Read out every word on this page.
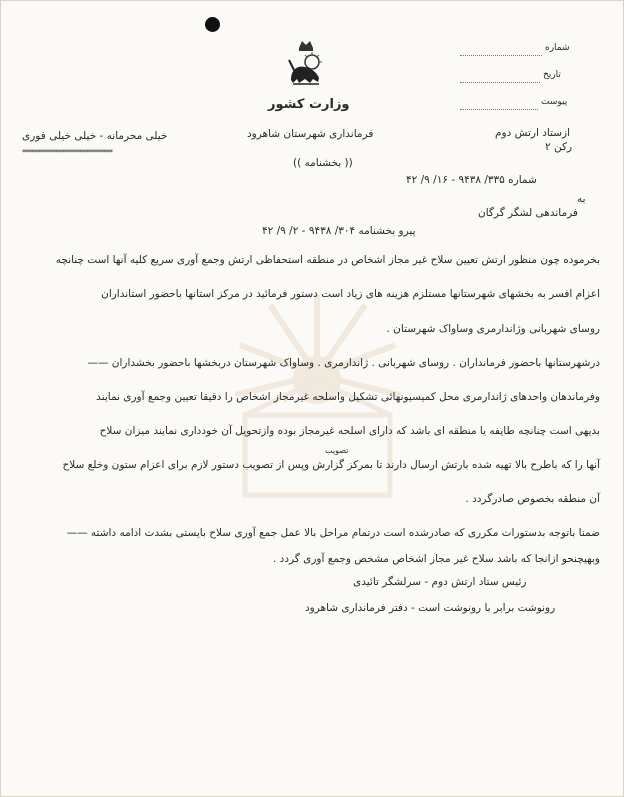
شماره
تاریخ
پیوست
وزارت کشور
فرمانداری شهرستان شاهرود
(( بخشنامه ))
خیلی محرمانه - خیلی خیلی فوری
******************************
ازستاد ارتش دوم
رکن ۲
شماره ۳۳۵/ ۹۴۳۸ - ۱۶/ ۹/ ۴۲
به
فرماندهی لشگر گرگان
پیرو بخشنامه ۳۰۴/ ۹۴۳۸ - ۲/ ۹/ ۴۲
بخرموده چون منظور ارتش تعیین سلاح غیر مجاز اشخاص در منطقه استحفاظی ارتش وجمع آوری سریع کلیه آنها است چنانچه
اعزام افسر به بخشهای شهرستانها مستلزم هزینه های زیاد است دستور فرمائید در مرکز استانها باحضور استانداران
روسای شهربانی وژاندارمری وساواک شهرستان .
درشهرستانها باحضور فرمانداران . روسای شهربانی . ژاندارمری . وساواک شهرستان دربخشها باحضور بخشداران ——
وفرماندهان واحدهای ژاندارمری محل کمیسیونهائی تشکیل واسلحه غیرمجاز اشخاص را دقیقا تعیین وجمع آوری نمایند
بدیهی است چنانچه طایفه یا منطقه ای باشد که دارای اسلحه غیرمجاز بوده وازتحویل آن خودداری نمایند میزان سلاح
تصویب
آنها را که باطرح بالا تهیه شده بارتش ارسال دارند تا بمرکز گزارش وپس از تصویب دستور لازم برای اعزام ستون وخلع سلاح
آن منطقه بخصوص صادرگردد .
ضمنا باتوجه بدستورات مکرری که صادرشده است درتمام مراحل بالا عمل جمع آوری سلاح بایستی بشدت ادامه داشته ——
وبهیچنحو ازانجا که باشد سلاح غیر مجاز اشخاص مشخص وجمع آوری گردد .
رئیس ستاد ارتش دوم - سرلشگر تائیدی
رونوشت برابر با رونوشت است - دفتر فرمانداری شاهرود
